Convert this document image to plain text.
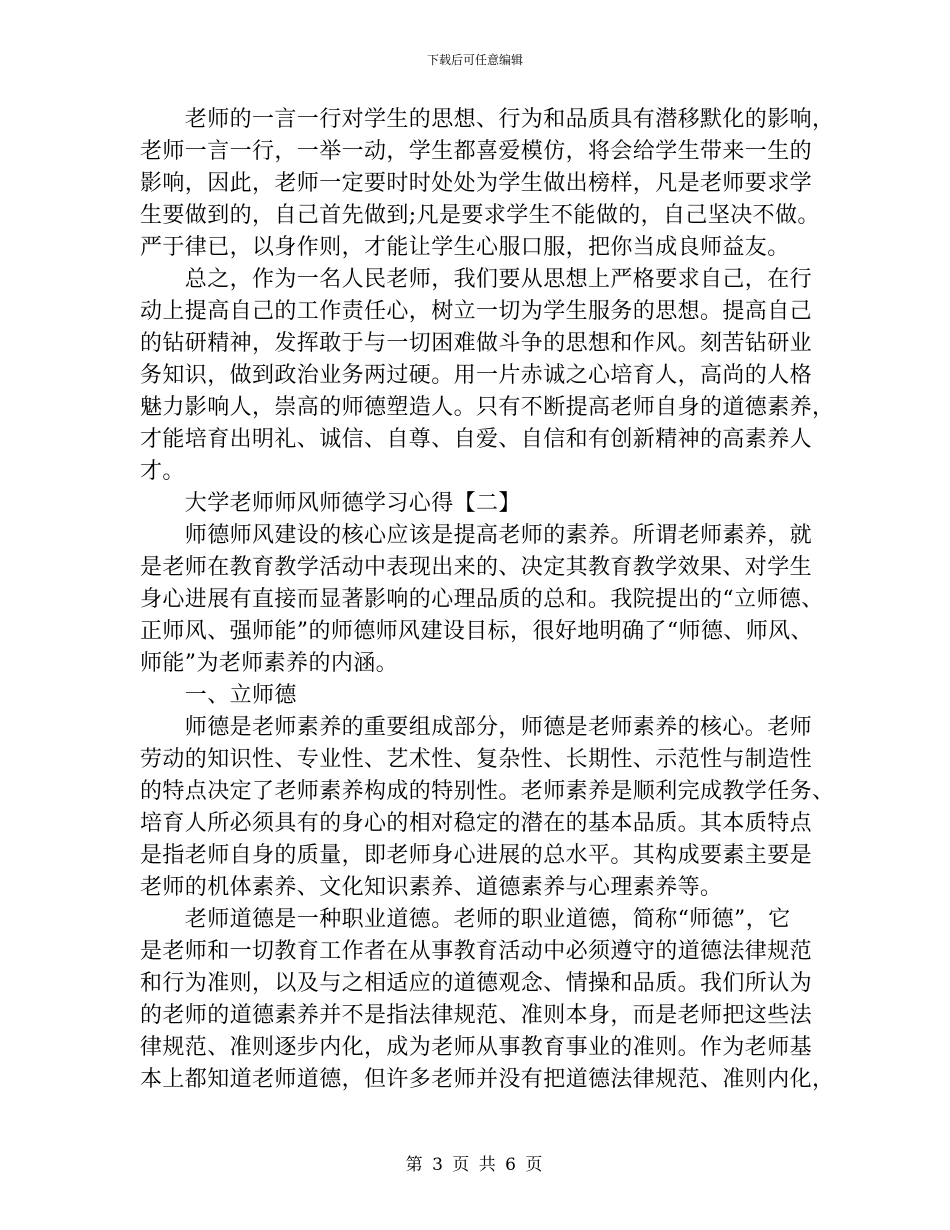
下载后可任意编辑
　　老师的一言一行对学生的思想、行为和品质具有潜移默化的影响，
老师一言一行，一举一动，学生都喜爱模仿，将会给学生带来一生的
影响，因此，老师一定要时时处处为学生做出榜样，凡是老师要求学
生要做到的，自己首先做到;凡是要求学生不能做的，自己坚决不做。
严于律已，以身作则，才能让学生心服口服，把你当成良师益友。
　　总之，作为一名人民老师，我们要从思想上严格要求自己，在行
动上提高自己的工作责任心，树立一切为学生服务的思想。提高自己
的钻研精神，发挥敢于与一切困难做斗争的思想和作风。刻苦钻研业
务知识，做到政治业务两过硬。用一片赤诚之心培育人，高尚的人格
魅力影响人，崇高的师德塑造人。只有不断提高老师自身的道德素养，
才能培育出明礼、诚信、自尊、自爱、自信和有创新精神的高素养人
才。
　　大学老师师风师德学习心得【二】
　　师德师风建设的核心应该是提高老师的素养。所谓老师素养，就
是老师在教育教学活动中表现出来的、决定其教育教学效果、对学生
身心进展有直接而显著影响的心理品质的总和。我院提出的“立师德、
正师风、强师能”的师德师风建设目标，很好地明确了“师德、师风、
师能”为老师素养的内涵。
　　一、立师德
　　师德是老师素养的重要组成部分，师德是老师素养的核心。老师
劳动的知识性、专业性、艺术性、复杂性、长期性、示范性与制造性
的特点决定了老师素养构成的特别性。老师素养是顺利完成教学任务、
培育人所必须具有的身心的相对稳定的潜在的基本品质。其本质特点
是指老师自身的质量，即老师身心进展的总水平。其构成要素主要是
老师的机体素养、文化知识素养、道德素养与心理素养等。
　　老师道德是一种职业道德。老师的职业道德，简称“师德”，它
是老师和一切教育工作者在从事教育活动中必须遵守的道德法律规范
和行为准则，以及与之相适应的道德观念、情操和品质。我们所认为
的老师的道德素养并不是指法律规范、准则本身，而是老师把这些法
律规范、准则逐步内化，成为老师从事教育事业的准则。作为老师基
本上都知道老师道德，但许多老师并没有把道德法律规范、准则内化，
第 3 页 共 6 页
